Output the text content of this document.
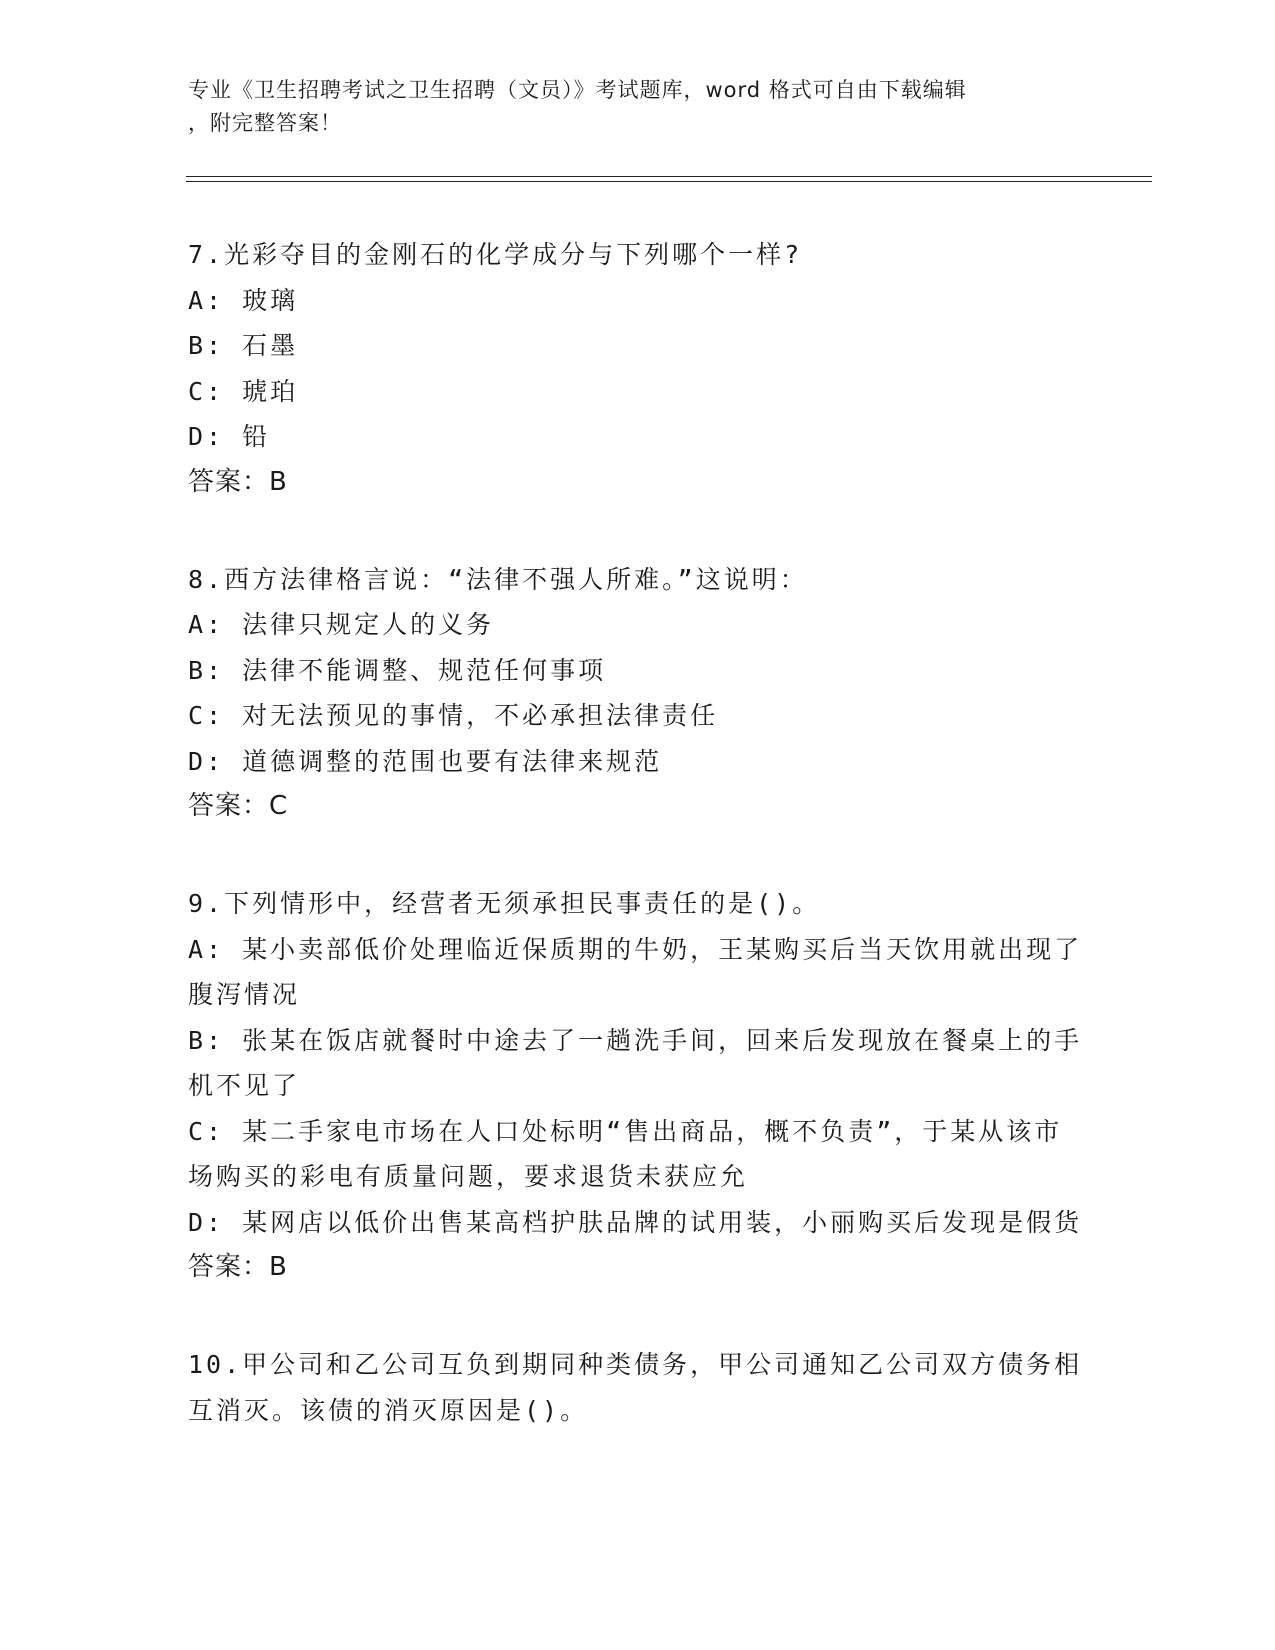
专业《卫生招聘考试之卫生招聘（文员）》考试题库，word 格式可自由下载编辑
，附完整答案！
7.光彩夺目的金刚石的化学成分与下列哪个一样?
A: 玻璃
B: 石墨
C: 琥珀
D: 铅
答案：B
8.西方法律格言说：“法律不强人所难。”这说明：
A: 法律只规定人的义务
B: 法律不能调整、规范任何事项
C: 对无法预见的事情，不必承担法律责任
D: 道德调整的范围也要有法律来规范
答案：C
9.下列情形中，经营者无须承担民事责任的是()。
A: 某小卖部低价处理临近保质期的牛奶，王某购买后当天饮用就出现了腹泻情况
B: 张某在饭店就餐时中途去了一趟洗手间，回来后发现放在餐桌上的手机不见了
C: 某二手家电市场在人口处标明“售出商品，概不负责”，于某从该市场购买的彩电有质量问题，要求退货未获应允
D: 某网店以低价出售某高档护肤品牌的试用装，小丽购买后发现是假货
答案：B
10.甲公司和乙公司互负到期同种类债务，甲公司通知乙公司双方债务相互消灭。该债的消灭原因是()。
